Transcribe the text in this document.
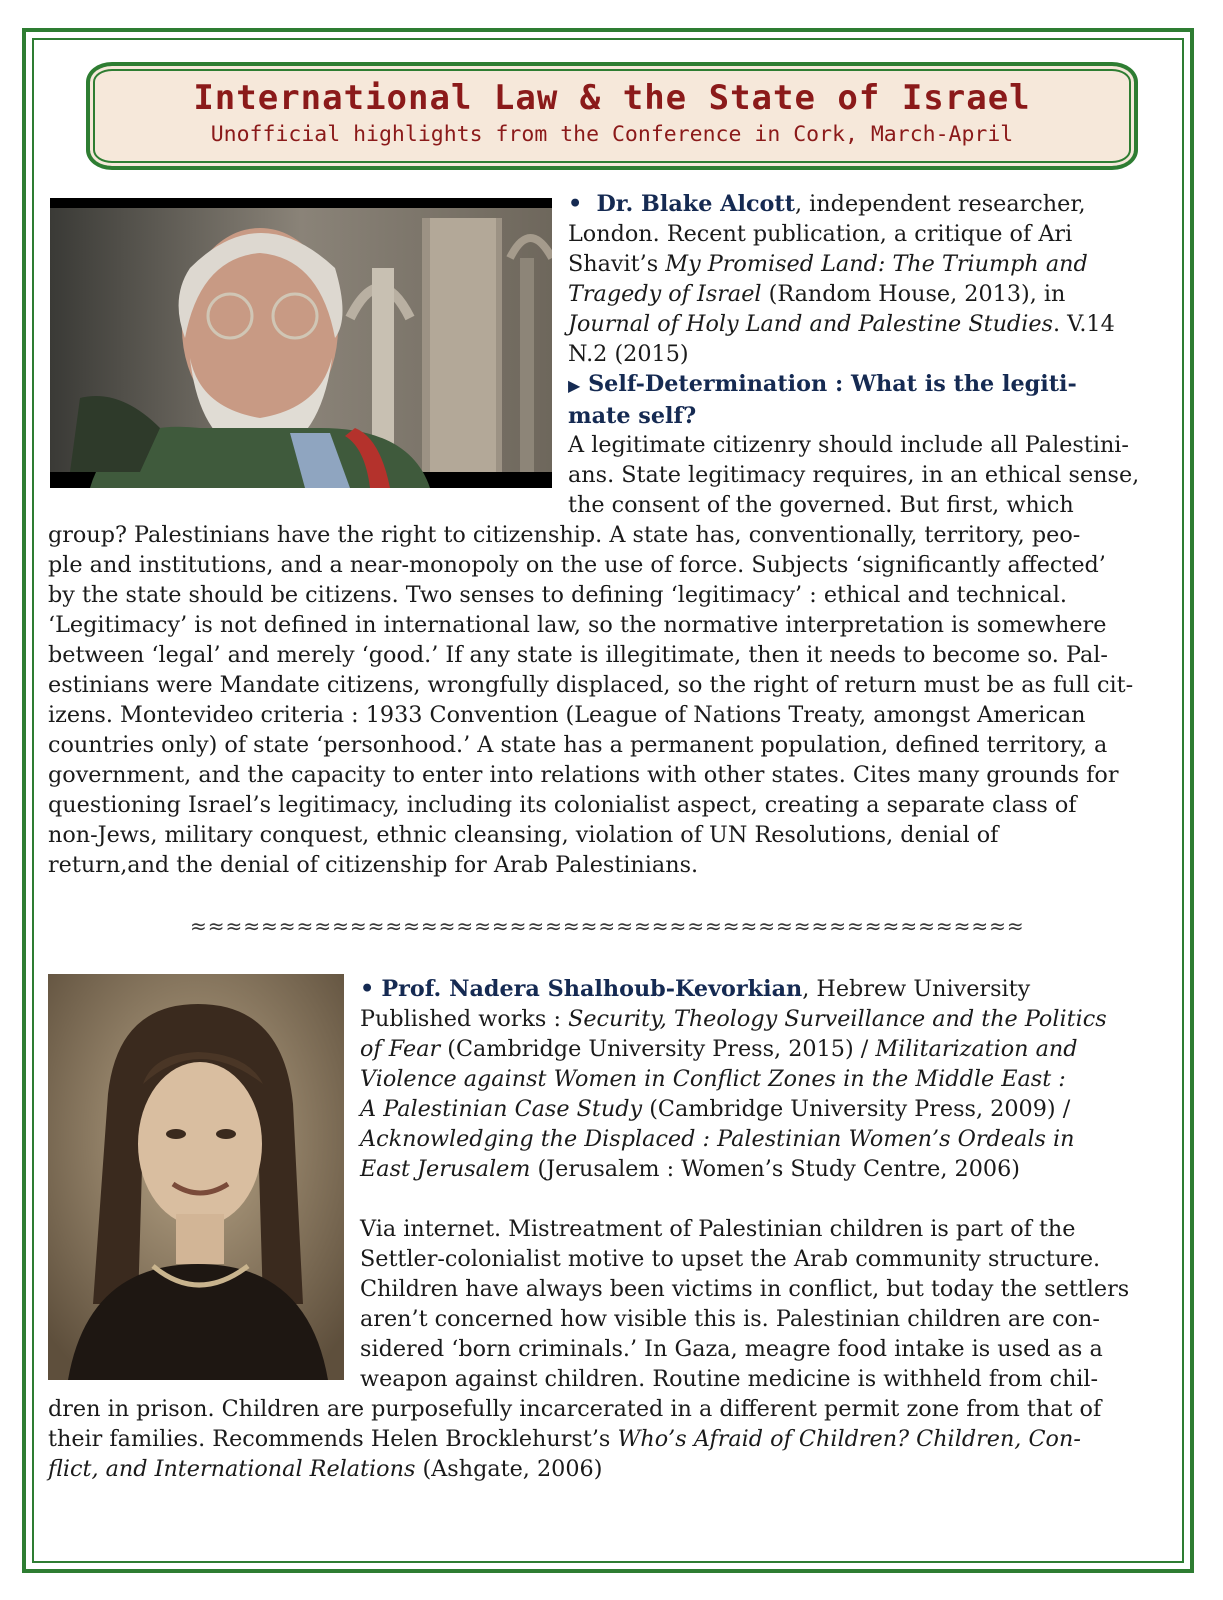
International Law & the State of Israel
Unofficial highlights from the Conference in Cork, March-April

• Dr. Blake Alcott, independent researcher,

London. Recent publication, a critique of Ari

Shavit’s My Promised Land: The Triumph and

Tragedy of Israel (Random House, 2013), in

Journal of Holy Land and Palestine Studies. V.14

N.2 (2015)

▶ Self-Determination : What is the legiti-

mate self?

A legitimate citizenry should include all Palestini-

ans. State legitimacy requires, in an ethical sense,

the consent of the governed. But first, which

group? Palestinians have the right to citizenship. A state has, conventionally, territory, peo-

ple and institutions, and a near-monopoly on the use of force. Subjects ‘significantly affected’

by the state should be citizens. Two senses to defining ‘legitimacy’ : ethical and technical.

‘Legitimacy’ is not defined in international law, so the normative interpretation is somewhere

between ‘legal’ and merely ‘good.’ If any state is illegitimate, then it needs to become so. Pal-

estinians were Mandate citizens, wrongfully displaced, so the right of return must be as full cit-

izens. Montevideo criteria : 1933 Convention (League of Nations Treaty, amongst American

countries only) of state ‘personhood.’ A state has a permanent population, defined territory, a

government, and the capacity to enter into relations with other states. Cites many grounds for

questioning Israel’s legitimacy, including its colonialist aspect, creating a separate class of

non-Jews, military conquest, ethnic cleansing, violation of UN Resolutions, denial of

return,and the denial of citizenship for Arab Palestinians.

≈≈≈≈≈≈≈≈≈≈≈≈≈≈≈≈≈≈≈≈≈≈≈≈≈≈≈≈≈≈≈≈≈≈≈≈≈≈≈≈≈≈≈≈≈≈≈

• Prof. Nadera Shalhoub-Kevorkian, Hebrew University

Published works : Security, Theology Surveillance and the Politics

of Fear (Cambridge University Press, 2015) / Militarization and

Violence against Women in Conflict Zones in the Middle East :

A Palestinian Case Study (Cambridge University Press, 2009) /

Acknowledging the Displaced : Palestinian Women’s Ordeals in

East Jerusalem (Jerusalem : Women’s Study Centre, 2006)

Via internet. Mistreatment of Palestinian children is part of the

Settler-colonialist motive to upset the Arab community structure.

Children have always been victims in conflict, but today the settlers

aren’t concerned how visible this is. Palestinian children are con-

sidered ‘born criminals.’ In Gaza, meagre food intake is used as a

weapon against children. Routine medicine is withheld from chil-

dren in prison. Children are purposefully incarcerated in a different permit zone from that of

their families. Recommends Helen Brocklehurst’s Who’s Afraid of Children? Children, Con-

flict, and International Relations (Ashgate, 2006)
